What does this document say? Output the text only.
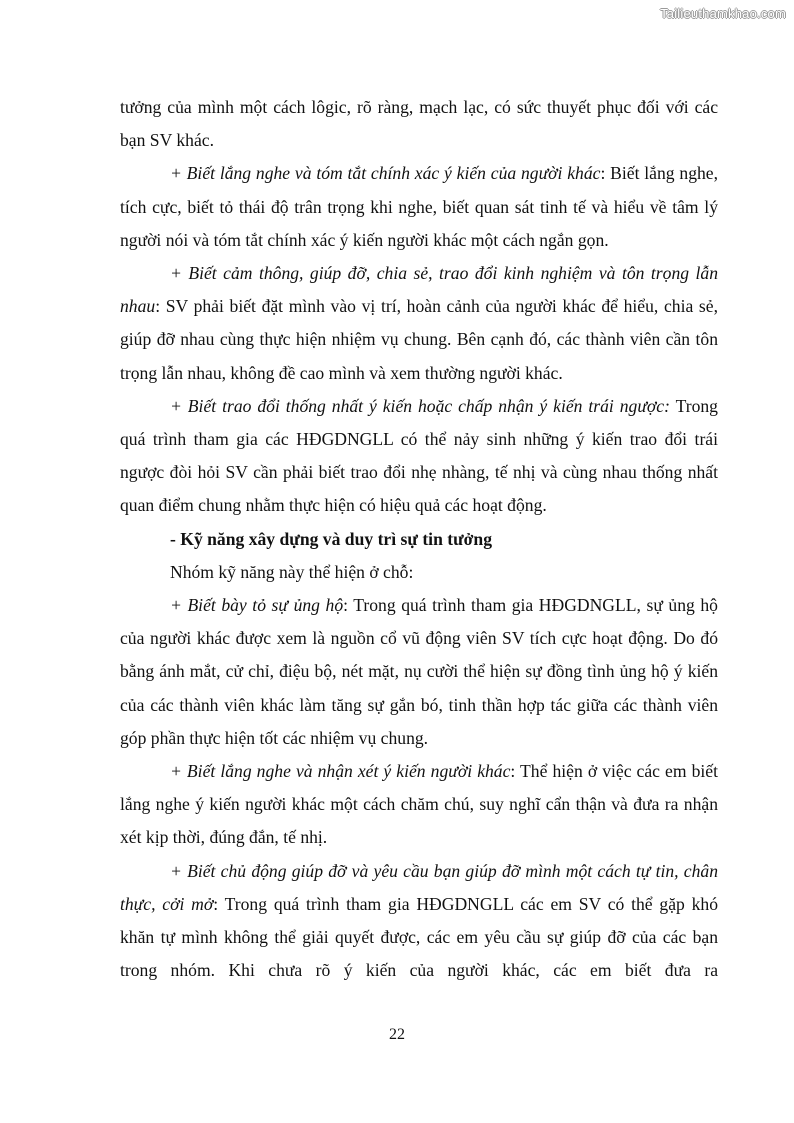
Tailieuthamkhao.com

tưởng của mình một cách lôgic, rõ ràng, mạch lạc, có sức thuyết phục đối với các bạn SV khác.

+ Biết lắng nghe và tóm tắt chính xác ý kiến của người khác: Biết lắng nghe, tích cực, biết tỏ thái độ trân trọng khi nghe, biết quan sát tinh tế và hiểu về tâm lý người nói và tóm tắt chính xác ý kiến người khác một cách ngắn gọn.

+ Biết cảm thông, giúp đỡ, chia sẻ, trao đổi kinh nghiệm và tôn trọng lẫn nhau: SV phải biết đặt mình vào vị trí, hoàn cảnh của người khác để hiểu, chia sẻ, giúp đỡ nhau cùng thực hiện nhiệm vụ chung. Bên cạnh đó, các thành viên cần tôn trọng lẫn nhau, không đề cao mình và xem thường người khác.

+ Biết trao đổi thống nhất ý kiến hoặc chấp nhận ý kiến trái ngược: Trong quá trình tham gia các HĐGDNGLL có thể nảy sinh những ý kiến trao đổi trái ngược đòi hỏi SV cần phải biết trao đổi nhẹ nhàng, tế nhị và cùng nhau thống nhất quan điểm chung nhằm thực hiện có hiệu quả các hoạt động.

- Kỹ năng xây dựng và duy trì sự tin tưởng

Nhóm kỹ năng này thể hiện ở chỗ:

+ Biết bày tỏ sự ủng hộ: Trong quá trình tham gia HĐGDNGLL, sự ủng hộ của người khác được xem là nguồn cổ vũ động viên SV tích cực hoạt động. Do đó bằng ánh mắt, cử chỉ, điệu bộ, nét mặt, nụ cười thể hiện sự đồng tình ủng hộ ý kiến của các thành viên khác làm tăng sự gắn bó, tinh thần hợp tác giữa các thành viên góp phần thực hiện tốt các nhiệm vụ chung.

+ Biết lắng nghe và nhận xét ý kiến người khác: Thể hiện ở việc các em biết lắng nghe ý kiến người khác một cách chăm chú, suy nghĩ cẩn thận và đưa ra nhận xét kịp thời, đúng đắn, tế nhị.

+ Biết chủ động giúp đỡ và yêu cầu bạn giúp đỡ mình một cách tự tin, chân thực, cởi mở: Trong quá trình tham gia HĐGDNGLL các em SV có thể gặp khó khăn tự mình không thể giải quyết được, các em yêu cầu sự giúp đỡ của các bạn trong nhóm. Khi chưa rõ ý kiến của người khác, các em biết đưa ra

22
